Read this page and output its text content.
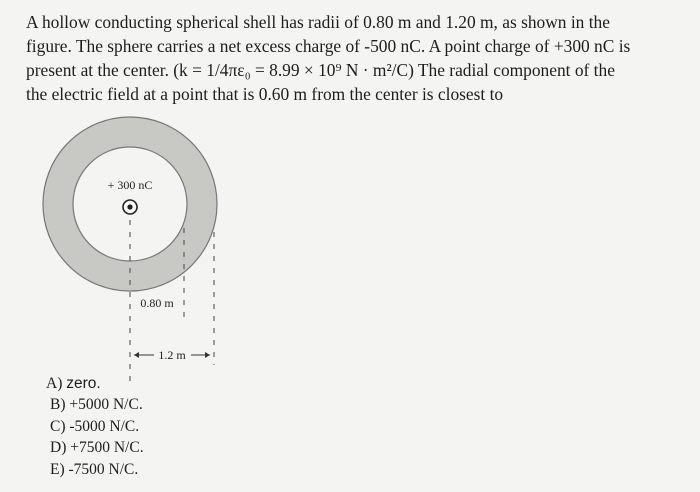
A hollow conducting spherical shell has radii of 0.80 m and 1.20 m, as shown in the
figure. The sphere carries a net excess charge of -500 nC. A point charge of +300 nC is
present at the center. (k = 1/4πε₀ = 8.99 × 10⁹ N · m²/C) The radial component of the
the electric field at a point that is 0.60 m from the center is closest to
+ 300 nC
0.80 m
1.2 m
A) zero.
B) +5000 N/C.
C) -5000 N/C.
D) +7500 N/C.
E) -7500 N/C.
